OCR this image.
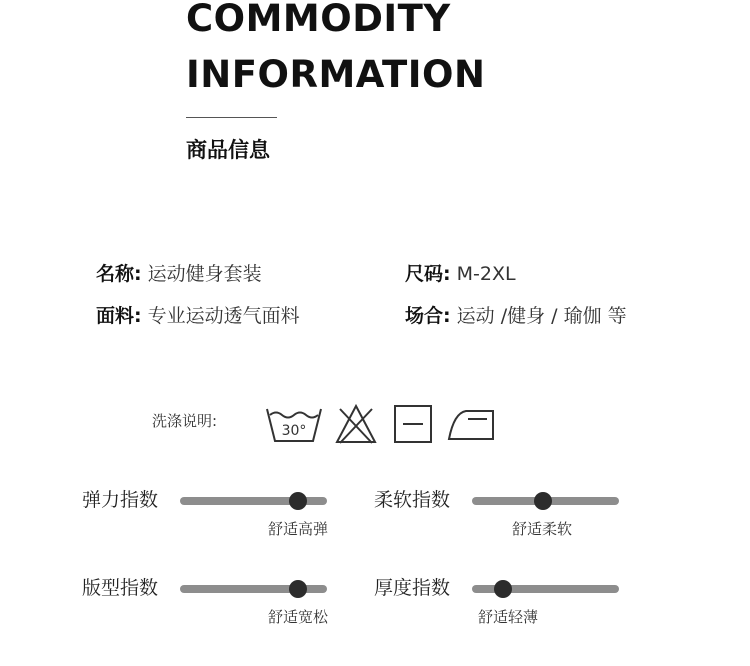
COMMODITY
INFORMATION
商品信息
名称: 运动健身套装	尺码: M-2XL
面料: 专业运动透气面料	场合: 运动 /健身 / 瑜伽 等
洗涤说明:
30°
弹力指数
舒适高弹
柔软指数
舒适柔软
版型指数
舒适宽松
厚度指数
舒适轻薄
